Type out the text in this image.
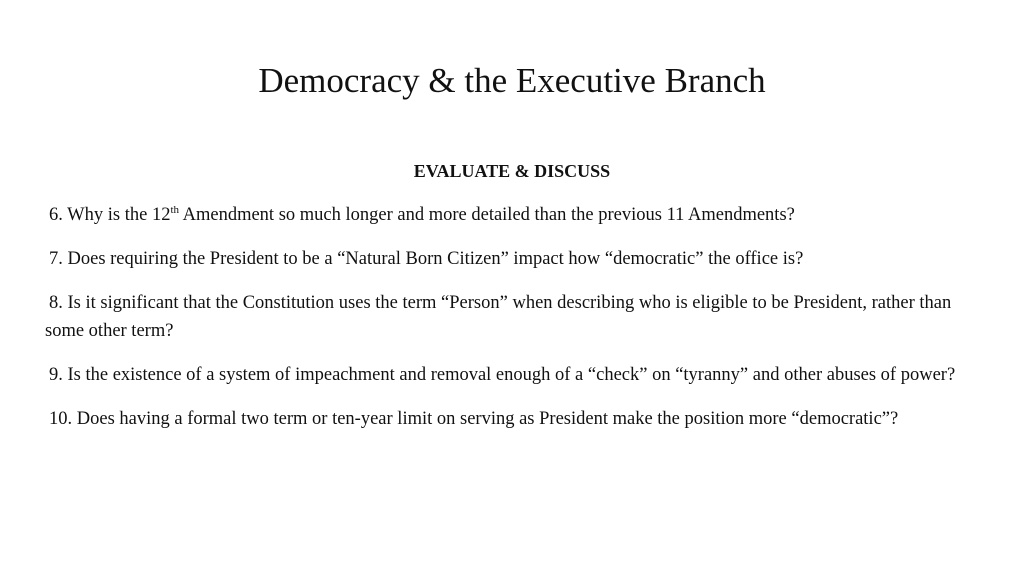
Democracy & the Executive Branch
EVALUATE & DISCUSS

6. Why is the 12th Amendment so much longer and more detailed than the previous 11 Amendments?

7. Does requiring the President to be a “Natural Born Citizen” impact how “democratic” the office is?

8. Is it significant that the Constitution uses the term “Person” when describing who is eligible to be President, rather than some other term?

9. Is the existence of a system of impeachment and removal enough of a “check” on “tyranny” and other abuses of power?

10. Does having a formal two term or ten-year limit on serving as President make the position more “democratic”?
